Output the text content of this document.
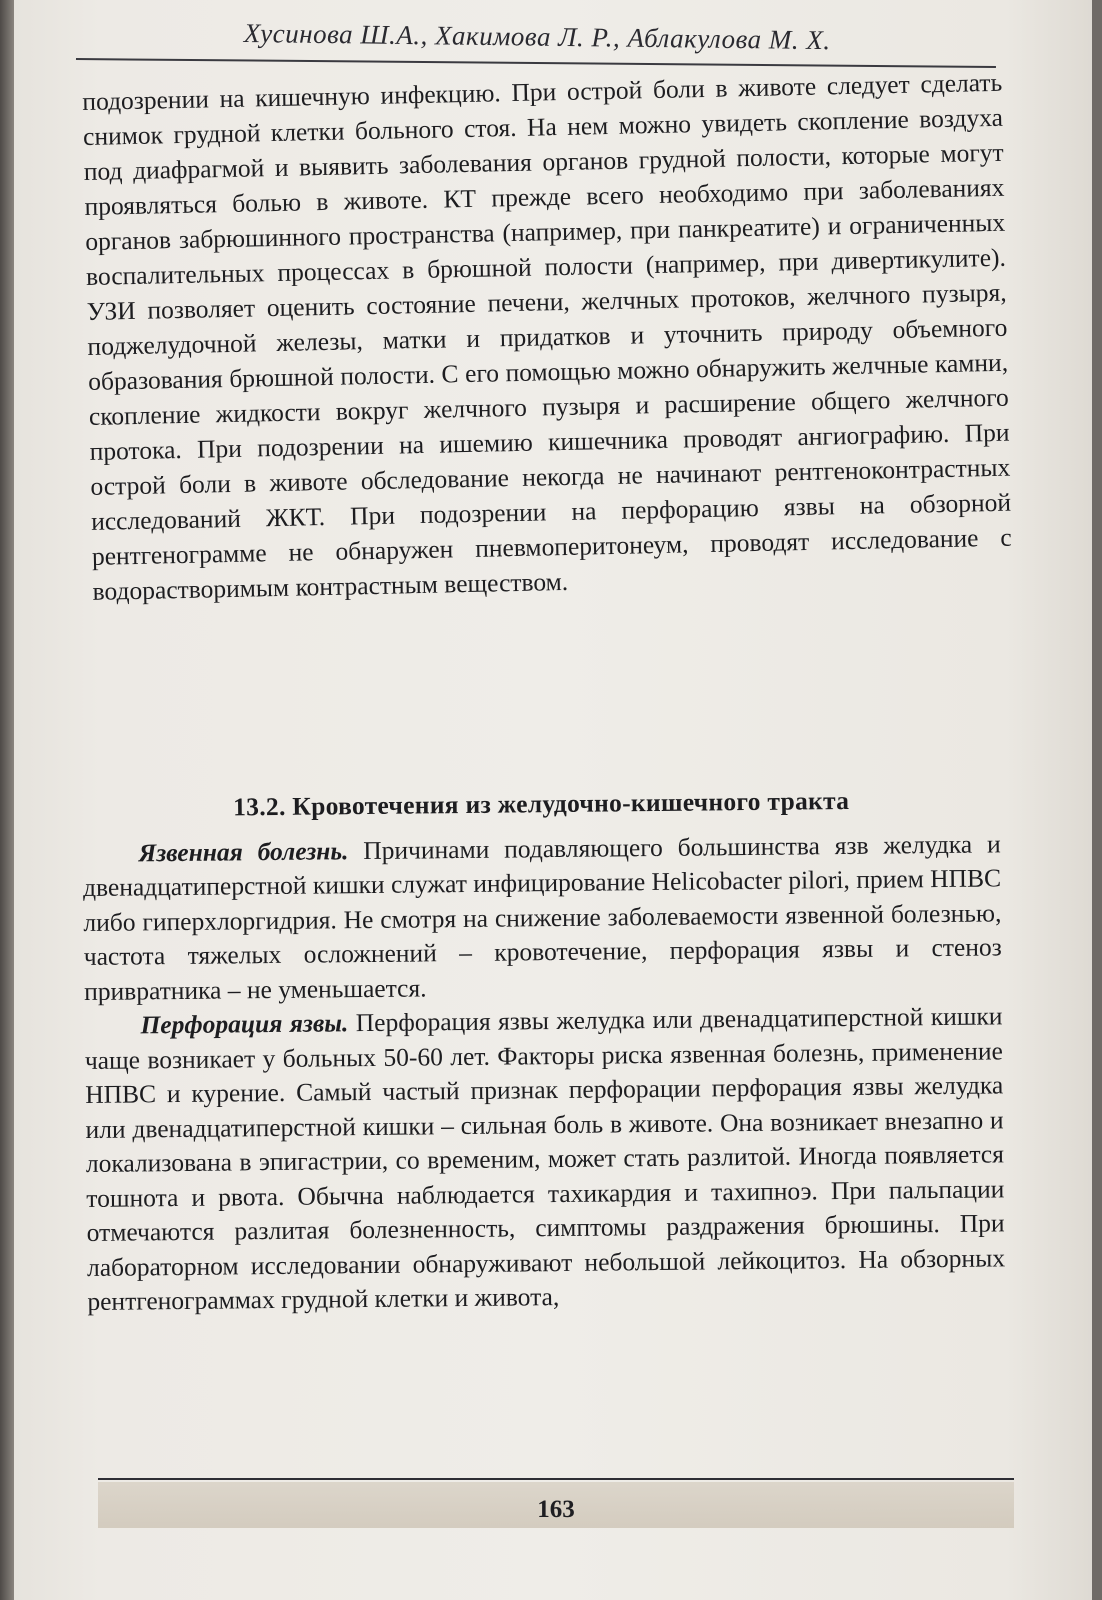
Хусинова Ш.А., Хакимова Л. Р., Аблакулова М. Х.

подозрении на кишечную инфекцию. При острой боли в животе следует сделать снимок грудной клетки больного стоя. На нем можно увидеть скопление воздуха под диафрагмой и выявить заболевания органов грудной полости, которые могут проявляться болью в животе. КТ прежде всего необходимо при заболеваниях органов забрюшинного пространства (например, при панкреатите) и ограниченных воспалительных процессах в брюшной полости (например, при дивертикулите). УЗИ позволяет оценить состояние печени, желчных протоков, желчного пузыря, поджелудочной железы, матки и придатков и уточнить природу объемного образования брюшной полости. С его помощью можно обнаружить желчные камни, скопление жидкости вокруг желчного пузыря и расширение общего желчного протока. При подозрении на ишемию кишечника проводят ангиографию. При острой боли в животе обследование некогда не начинают рентгеноконтрастных исследований ЖКТ. При подозрении на перфорацию язвы на обзорной рентгенограмме не обнаружен пневмоперитонеум, проводят исследование с водорастворимым контрастным веществом.

13.2. Кровотечения из желудочно-кишечного тракта

Язвенная болезнь. Причинами подавляющего большинства язв желудка и двенадцатиперстной кишки служат инфицирование Helicobacter pilori, прием НПВС либо гиперхлоргидрия. Не смотря на снижение заболеваемости язвенной болезнью, частота тяжелых осложнений – кровотечение, перфорация язвы и стеноз привратника – не уменьшается.

Перфорация язвы. Перфорация язвы желудка или двенадцатиперстной кишки чаще возникает у больных 50-60 лет. Факторы риска язвенная болезнь, применение НПВС и курение. Самый частый признак перфорации перфорация язвы желудка или двенадцатиперстной кишки – сильная боль в животе. Она возникает внезапно и локализована в эпигастрии, со временим, может стать разлитой. Иногда появляется тошнота и рвота. Обычна наблюдается тахикардия и тахипноэ. При пальпации отмечаются разлитая болезненность, симптомы раздражения брюшины. При лабораторном исследовании обнаруживают небольшой лейкоцитоз. На обзорных рентгенограммах грудной клетки и живота,

163
